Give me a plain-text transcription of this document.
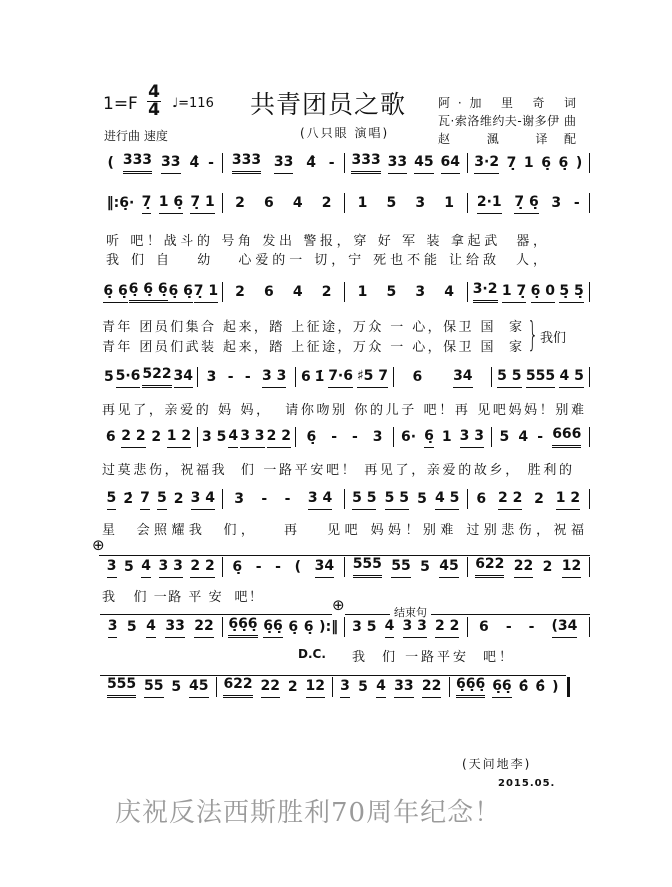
1=F
4
4 ♩=116
进行曲 速度
共青团员之歌
(八只眼 演唱)
阿·加 里 奇 词
瓦·索洛维约夫-谢多伊 曲
赵 渢 译配
( 333 33 4̂ - 333 33 4̂ - 333 33 45 64 3·2 7̣ 1 6̣ 6̣ )
‖:6̣· 7̣ 1 6̣ 7̣ 1 2 6 4 2 1 5 3 1 2·1 7̣ 6̣ 3 -
听 吧！战斗的 号角 发出 警报，穿 好 军 装 拿起武  器，
我 们 自   幼   心爱的一 切，宁 死也不能 让给敌  人，
6̣ 6̣ 6̣ 6̣ 6̣ 6̣ 6̣ 7̣ 1 2 6 4 2 1 5 3 4 3·2 1 7̣ 6̣ 0 5̣ 5̣
青年 团员们集合 起来，踏 上征途，万众 一 心，保卫 国  家
青年 团员们武装 起来，踏 上征途，万众 一 心，保卫 国  家 } 我们
5 5·6 522 34 3 - - 3 3 6 1̇ 7·6 ♯5 7 6 34 5 5 555 4 5
再见了，亲爱的 妈 妈，  请你吻别 你的儿子 吧！再 见吧妈妈！别难
6 2 2 2 1 2 3 5 4 3 3 2 2 6̣ - - 3 6· 6̣ 1 3 3 5 4 - 666
过莫悲伤，祝福我  们 一路平安吧！ 再见了，亲爱的故乡， 胜利的
5 2̇ 7 5 2 3 4 3 - - 3 4 5 5 5 5 5 4 5 6 2 2 2 1 2
星  会照耀我  们，   再   见吧 妈妈！别难 过别悲伤，祝福
⊕
3 5 4 3 3 2 2 6̣ - - ( 34 555 55 5 45 622 22 2 12
我   们 一路 平 安  吧！	⊕	结束句
3 5 4 33 22 6̣6̣6̣ 6̣6̣ 6̣ 6̣ ):‖ 3 5 4 3 3 2 2 6 - - (34
D.C. 我  们 一路平安  吧！
555 55 5 45 622 22 2 12 3 5 4 33 22 6̣6̣6̣ 6̣6̣ 6̂ 6̂ )
(天问地李)
2015.05.
庆祝反法西斯胜利70周年纪念！
